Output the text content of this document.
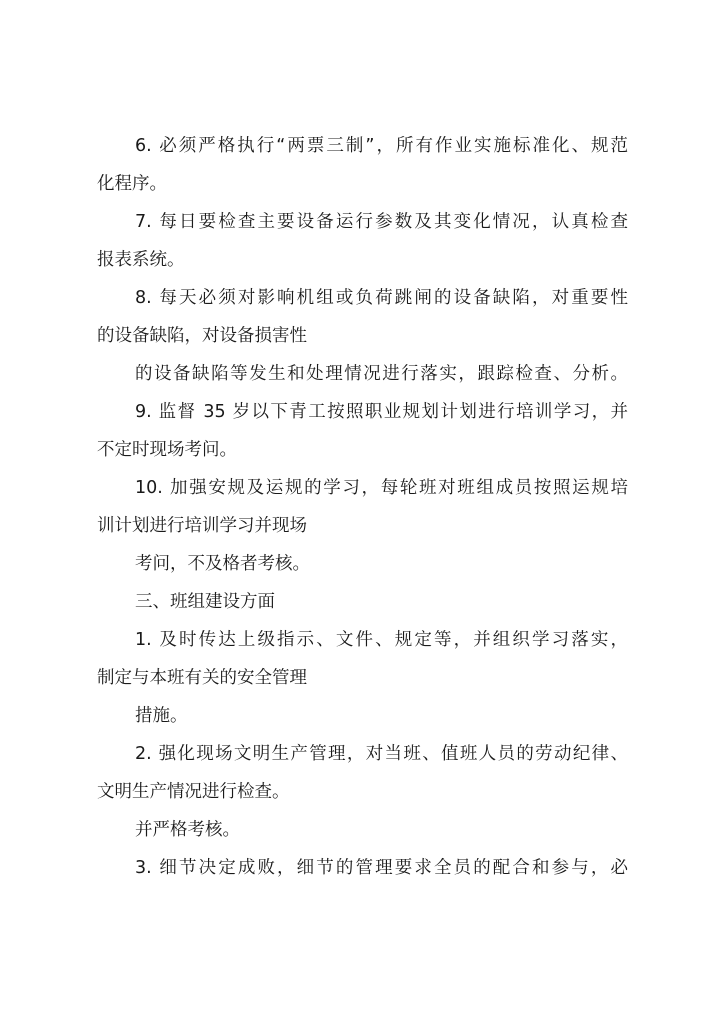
6. 必须严格执行“两票三制”，所有作业实施标准化、规范
化程序。
7. 每日要检查主要设备运行参数及其变化情况，认真检查
报表系统。
8. 每天必须对影响机组或负荷跳闸的设备缺陷，对重要性
的设备缺陷，对设备损害性
的设备缺陷等发生和处理情况进行落实，跟踪检查、分析。
9. 监督 35 岁以下青工按照职业规划计划进行培训学习，并
不定时现场考问。
10. 加强安规及运规的学习，每轮班对班组成员按照运规培
训计划进行培训学习并现场
考问，不及格者考核。
三、班组建设方面
1. 及时传达上级指示、文件、规定等，并组织学习落实，
制定与本班有关的安全管理
措施。
2. 强化现场文明生产管理，对当班、值班人员的劳动纪律、
文明生产情况进行检查。
并严格考核。
3. 细节决定成败，细节的管理要求全员的配合和参与，必
